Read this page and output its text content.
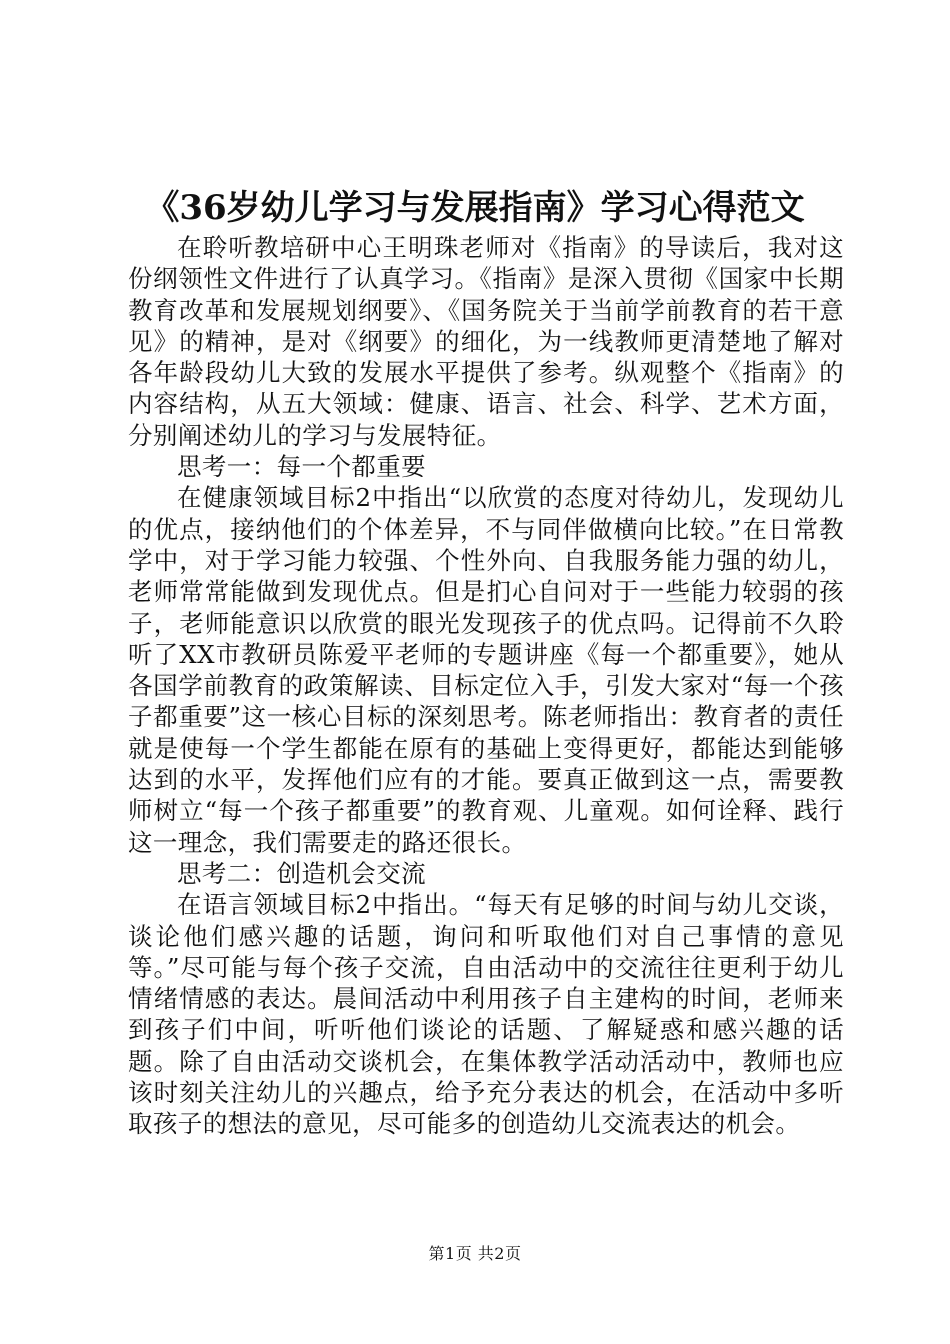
《36岁幼儿学习与发展指南》学习心得范文

在聆听教培研中心王明珠老师对《指南》的导读后，我对这份纲领性文件进行了认真学习。《指南》是深入贯彻《国家中长期教育改革和发展规划纲要》、《国务院关于当前学前教育的若干意见》的精神，是对《纲要》的细化，为一线教师更清楚地了解对各年龄段幼儿大致的发展水平提供了参考。纵观整个《指南》的内容结构，从五大领域：健康、语言、社会、科学、艺术方面，分别阐述幼儿的学习与发展特征。

思考一：每一个都重要

在健康领域目标2中指出“以欣赏的态度对待幼儿，发现幼儿的优点，接纳他们的个体差异，不与同伴做横向比较。”在日常教学中，对于学习能力较强、个性外向、自我服务能力强的幼儿，老师常常能做到发现优点。但是扪心自问对于一些能力较弱的孩子，老师能意识以欣赏的眼光发现孩子的优点吗。记得前不久聆听了XX市教研员陈爱平老师的专题讲座《每一个都重要》，她从各国学前教育的政策解读、目标定位入手，引发大家对“每一个孩子都重要”这一核心目标的深刻思考。陈老师指出：教育者的责任就是使每一个学生都能在原有的基础上变得更好，都能达到能够达到的水平，发挥他们应有的才能。要真正做到这一点，需要教师树立“每一个孩子都重要”的教育观、儿童观。如何诠释、践行这一理念，我们需要走的路还很长。

思考二：创造机会交流

在语言领域目标2中指出。“每天有足够的时间与幼儿交谈，谈论他们感兴趣的话题，询问和听取他们对自己事情的意见等。”尽可能与每个孩子交流，自由活动中的交流往往更利于幼儿情绪情感的表达。晨间活动中利用孩子自主建构的时间，老师来到孩子们中间，听听他们谈论的话题、了解疑惑和感兴趣的话题。除了自由活动交谈机会，在集体教学活动活动中，教师也应该时刻关注幼儿的兴趣点，给予充分表达的机会，在活动中多听取孩子的想法的意见，尽可能多的创造幼儿交流表达的机会。

第1页 共2页
